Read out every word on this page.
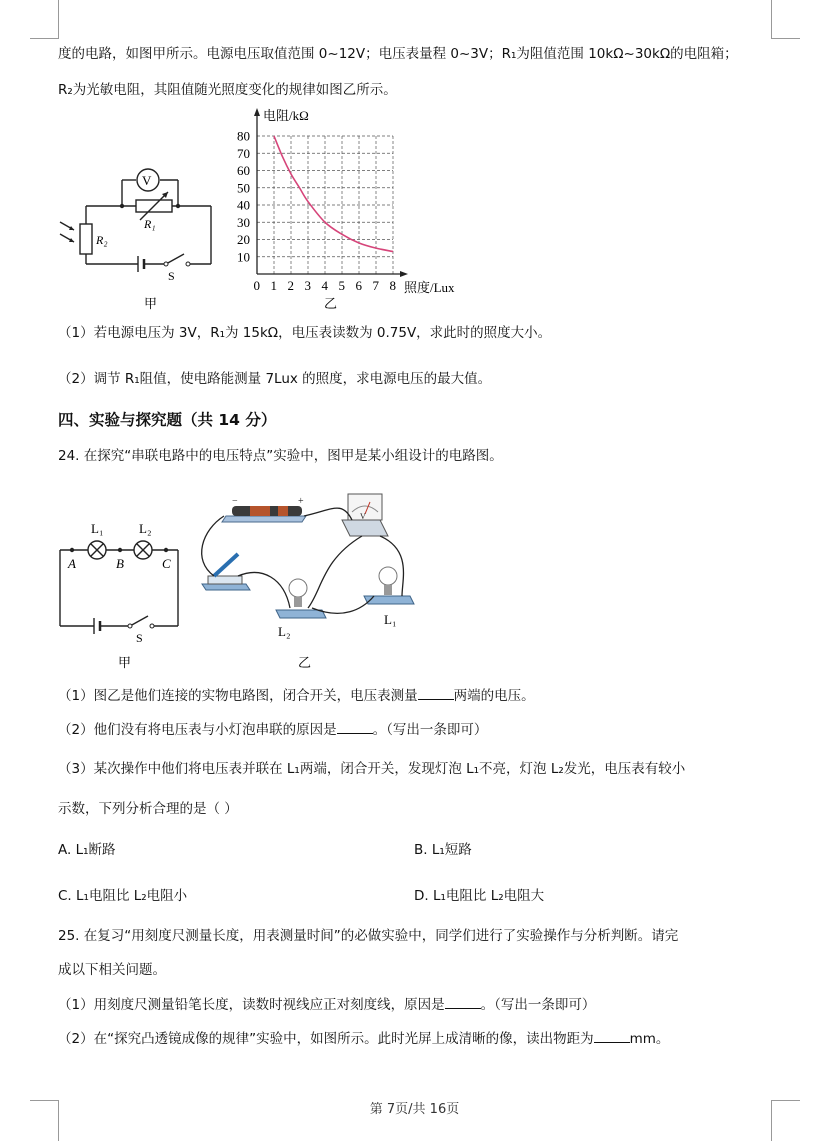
度的电路，如图甲所示。电源电压取值范围 0~12V；电压表量程 0~3V；R₁为阻值范围 10kΩ~30kΩ的电阻箱；
R₂为光敏电阻，其阻值随光照度变化的规律如图乙所示。
V
R₁
R₂
S
甲
0 1 2 3 4 5 6 7 8
10
20
30
40
50
60
70
80
电阻/kΩ
照度/Lux
乙
（1）若电源电压为 3V，R₁为 15kΩ，电压表读数为 0.75V，求此时的照度大小。
（2）调节 R₁阻值，使电路能测量 7Lux 的照度，求电源电压的最大值。
四、实验与探究题（共 14 分）
24. 在探究“串联电路中的电压特点”实验中，图甲是某小组设计的电路图。
L₁	L₂
A	B	C
S
甲
−	+
V
L₂
L₁
乙
（1）图乙是他们连接的实物电路图，闭合开关，电压表测量	两端的电压。
（2）他们没有将电压表与小灯泡串联的原因是	。（写出一条即可）
（3）某次操作中他们将电压表并联在 L₁两端，闭合开关，发现灯泡 L₁不亮，灯泡 L₂发光，电压表有较小
示数，下列分析合理的是（ ）
A. L₁断路	B. L₁短路
C. L₁电阻比 L₂电阻小	D. L₁电阻比 L₂电阻大
25. 在复习“用刻度尺测量长度，用表测量时间”的必做实验中，同学们进行了实验操作与分析判断。请完
成以下相关问题。
（1）用刻度尺测量铅笔长度，读数时视线应正对刻度线，原因是	。（写出一条即可）
（2）在“探究凸透镜成像的规律”实验中，如图所示。此时光屏上成清晰的像，读出物距为	mm。
第 7页/共 16页
